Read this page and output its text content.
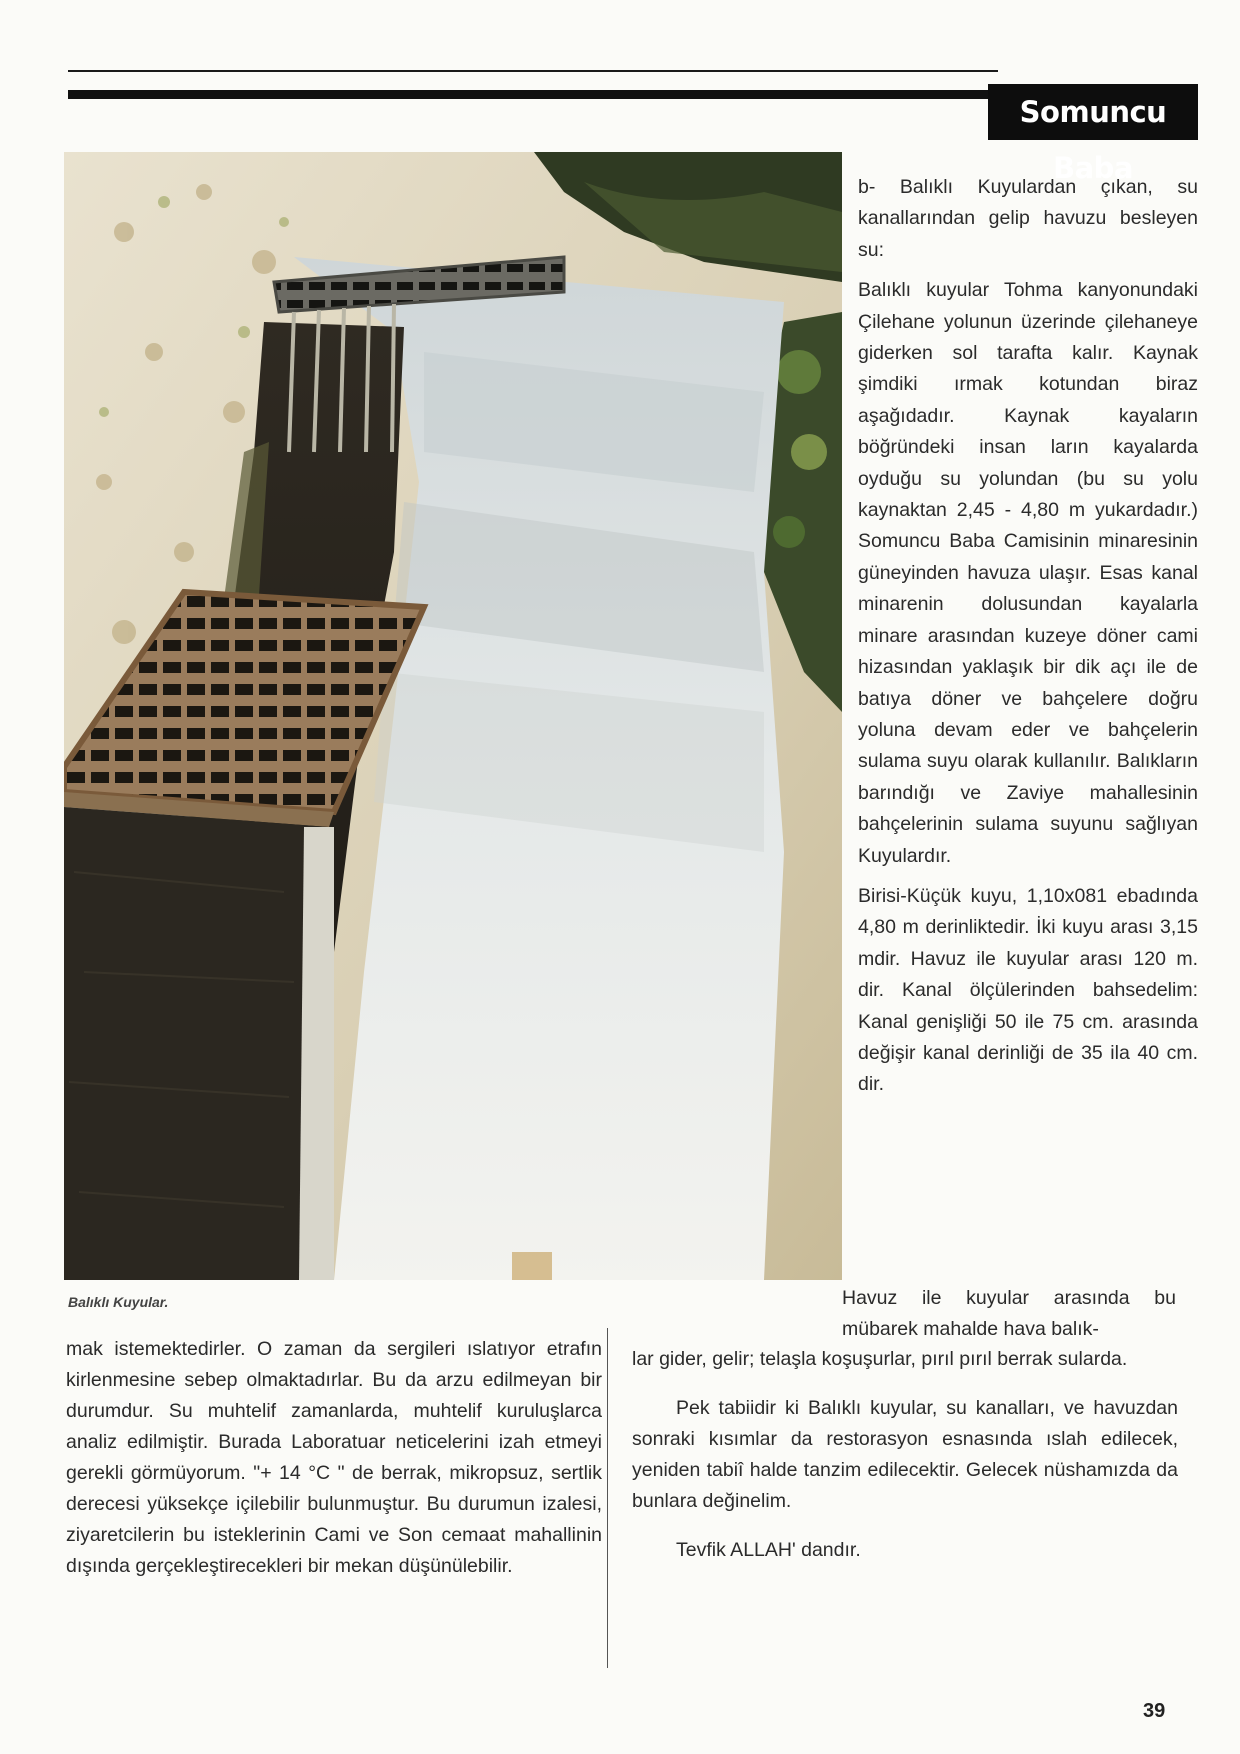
Somuncu Baba
Balıklı Kuyular.

b- Balıklı Kuyulardan çıkan, su kanallarından gelip havuzu besleyen su:

Balıklı kuyular Tohma kanyonundaki Çilehane yolunun üzerinde çilehaneye giderken sol tarafta kalır. Kaynak şimdiki ırmak kotundan biraz aşağıdadır. Kaynak kayaların böğründeki insan ların kayalarda oyduğu su yolundan (bu su yolu kaynaktan 2,45 - 4,80 m yukardadır.) Somuncu Baba Camisinin minaresinin güneyinden havuza ulaşır. Esas kanal minarenin dolusundan kayalarla minare arasından kuzeye döner cami hizasından yaklaşık bir dik açı ile de batıya döner ve bahçelere doğru yoluna devam eder ve bahçelerin sulama suyu olarak kullanılır. Balıkların barındığı ve Zaviye mahallesinin bahçelerinin sulama suyunu sağlıyan Kuyulardır.

Birisi-Küçük kuyu, 1,10x081 ebadında 4,80 m derinliktedir. İki kuyu arası 3,15 mdir. Havuz ile kuyular arası 120 m. dir. Kanal ölçülerinden bahsedelim: Kanal genişliği 50 ile 75 cm. arasında değişir kanal derinliği de 35 ila 40 cm. dir.

Havuz ile kuyular arasında bu mübarek mahalde hava balık-

mak istemektedirler. O zaman da sergileri ıslatıyor etrafın kirlenmesine sebep olmaktadırlar. Bu da arzu edilmeyan bir durumdur. Su muhtelif zamanlarda, muhtelif kuruluşlarca analiz edilmiştir. Burada Laboratuar neticelerini izah etmeyi gerekli görmüyorum. "+ 14 °C " de berrak, mikropsuz, sertlik derecesi yüksekçe içilebilir bulunmuştur. Bu durumun izalesi, ziyaretcilerin bu isteklerinin Cami ve Son cemaat mahallinin dışında gerçekleştirecekleri bir mekan düşünülebilir.

lar gider, gelir; telaşla koşuşurlar, pırıl pırıl berrak sularda.

Pek tabiidir ki Balıklı kuyular, su kanalları, ve havuzdan sonraki kısımlar da restorasyon esnasında ıslah edilecek, yeniden tabiî halde tanzim edilecektir. Gelecek nüshamızda da bunlara değinelim.

Tevfik ALLAH' dandır.

39
